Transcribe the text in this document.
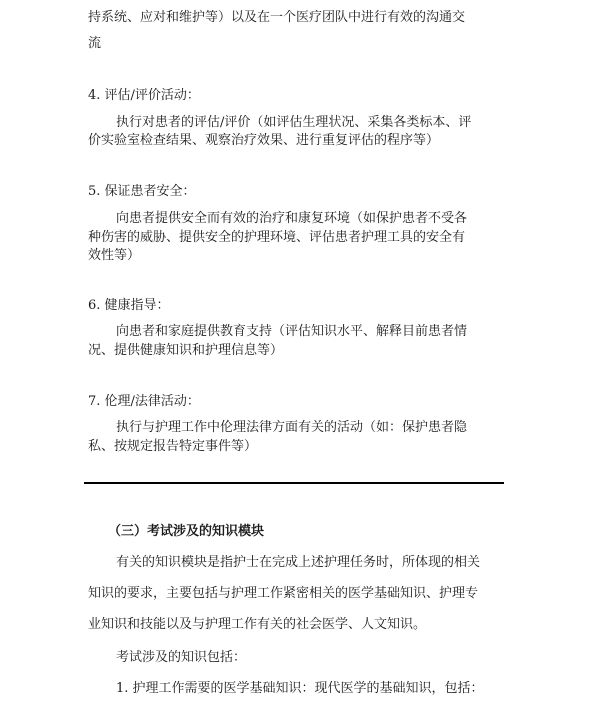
持系统、应对和维护等）以及在一个医疗团队中进行有效的沟通交
流
4. 评估/评价活动：
执行对患者的评估/评价（如评估生理状况、采集各类标本、评
价实验室检查结果、观察治疗效果、进行重复评估的程序等）
5. 保证患者安全：
向患者提供安全而有效的治疗和康复环境（如保护患者不受各
种伤害的威胁、提供安全的护理环境、评估患者护理工具的安全有
效性等）
6. 健康指导：
向患者和家庭提供教育支持（评估知识水平、解释目前患者情
况、提供健康知识和护理信息等）
7. 伦理/法律活动：
执行与护理工作中伦理法律方面有关的活动（如：保护患者隐
私、按规定报告特定事件等）
（三）考试涉及的知识模块
有关的知识模块是指护士在完成上述护理任务时，所体现的相关
知识的要求，主要包括与护理工作紧密相关的医学基础知识、护理专
业知识和技能以及与护理工作有关的社会医学、人文知识。
考试涉及的知识包括：
1. 护理工作需要的医学基础知识：现代医学的基础知识，包括：
